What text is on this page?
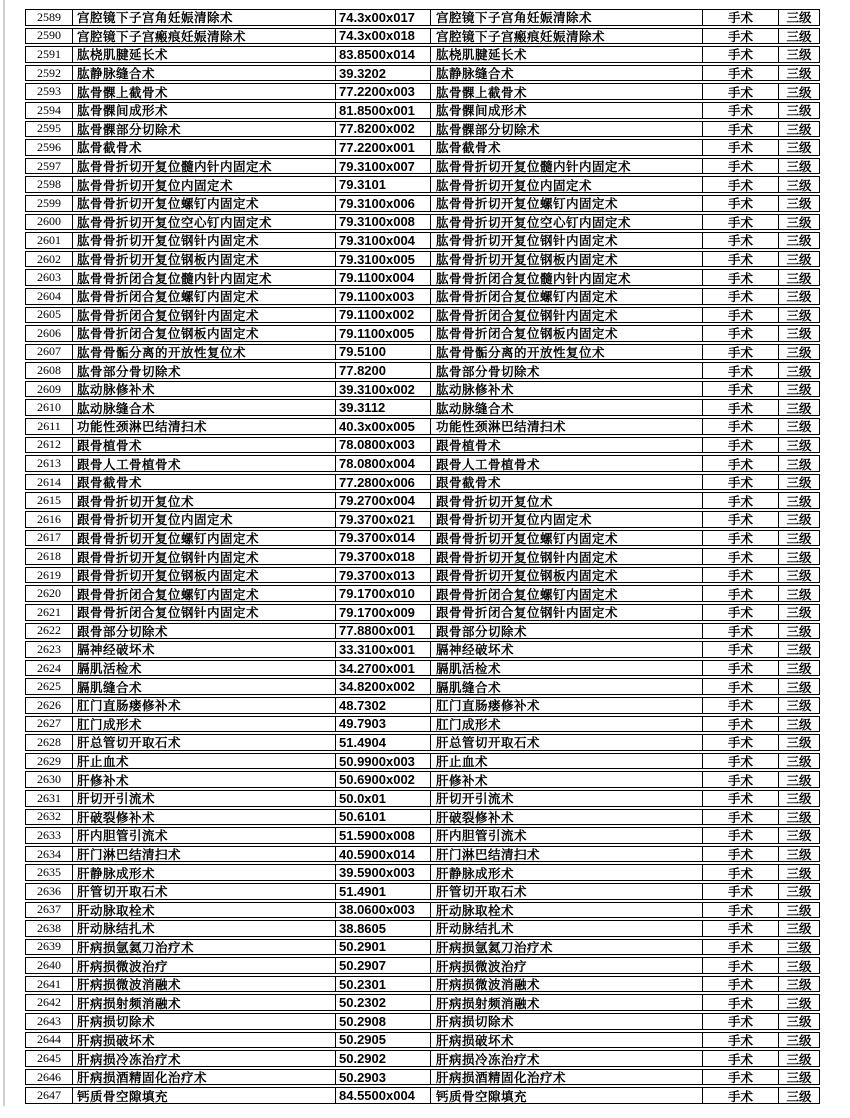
2589	宫腔镜下子宫角妊娠清除术	74.3x00x017	宫腔镜下子宫角妊娠清除术	手术	三级
2590	宫腔镜下子宫瘢痕妊娠清除术	74.3x00x018	宫腔镜下子宫瘢痕妊娠清除术	手术	三级
2591	肱桡肌腱延长术	83.8500x014	肱桡肌腱延长术	手术	三级
2592	肱静脉缝合术	39.3202	肱静脉缝合术	手术	三级
2593	肱骨髁上截骨术	77.2200x003	肱骨髁上截骨术	手术	三级
2594	肱骨髁间成形术	81.8500x001	肱骨髁间成形术	手术	三级
2595	肱骨髁部分切除术	77.8200x002	肱骨髁部分切除术	手术	三级
2596	肱骨截骨术	77.2200x001	肱骨截骨术	手术	三级
2597	肱骨骨折切开复位髓内针内固定术	79.3100x007	肱骨骨折切开复位髓内针内固定术	手术	三级
2598	肱骨骨折切开复位内固定术	79.3101	肱骨骨折切开复位内固定术	手术	三级
2599	肱骨骨折切开复位螺钉内固定术	79.3100x006	肱骨骨折切开复位螺钉内固定术	手术	三级
2600	肱骨骨折切开复位空心钉内固定术	79.3100x008	肱骨骨折切开复位空心钉内固定术	手术	三级
2601	肱骨骨折切开复位钢针内固定术	79.3100x004	肱骨骨折切开复位钢针内固定术	手术	三级
2602	肱骨骨折切开复位钢板内固定术	79.3100x005	肱骨骨折切开复位钢板内固定术	手术	三级
2603	肱骨骨折闭合复位髓内针内固定术	79.1100x004	肱骨骨折闭合复位髓内针内固定术	手术	三级
2604	肱骨骨折闭合复位螺钉内固定术	79.1100x003	肱骨骨折闭合复位螺钉内固定术	手术	三级
2605	肱骨骨折闭合复位钢针内固定术	79.1100x002	肱骨骨折闭合复位钢针内固定术	手术	三级
2606	肱骨骨折闭合复位钢板内固定术	79.1100x005	肱骨骨折闭合复位钢板内固定术	手术	三级
2607	肱骨骨骺分离的开放性复位术	79.5100	肱骨骨骺分离的开放性复位术	手术	三级
2608	肱骨部分骨切除术	77.8200	肱骨部分骨切除术	手术	三级
2609	肱动脉修补术	39.3100x002	肱动脉修补术	手术	三级
2610	肱动脉缝合术	39.3112	肱动脉缝合术	手术	三级
2611	功能性颈淋巴结清扫术	40.3x00x005	功能性颈淋巴结清扫术	手术	三级
2612	跟骨植骨术	78.0800x003	跟骨植骨术	手术	三级
2613	跟骨人工骨植骨术	78.0800x004	跟骨人工骨植骨术	手术	三级
2614	跟骨截骨术	77.2800x006	跟骨截骨术	手术	三级
2615	跟骨骨折切开复位术	79.2700x004	跟骨骨折切开复位术	手术	三级
2616	跟骨骨折切开复位内固定术	79.3700x021	跟骨骨折切开复位内固定术	手术	三级
2617	跟骨骨折切开复位螺钉内固定术	79.3700x014	跟骨骨折切开复位螺钉内固定术	手术	三级
2618	跟骨骨折切开复位钢针内固定术	79.3700x018	跟骨骨折切开复位钢针内固定术	手术	三级
2619	跟骨骨折切开复位钢板内固定术	79.3700x013	跟骨骨折切开复位钢板内固定术	手术	三级
2620	跟骨骨折闭合复位螺钉内固定术	79.1700x010	跟骨骨折闭合复位螺钉内固定术	手术	三级
2621	跟骨骨折闭合复位钢针内固定术	79.1700x009	跟骨骨折闭合复位钢针内固定术	手术	三级
2622	跟骨部分切除术	77.8800x001	跟骨部分切除术	手术	三级
2623	膈神经破坏术	33.3100x001	膈神经破坏术	手术	三级
2624	膈肌活检术	34.2700x001	膈肌活检术	手术	三级
2625	膈肌缝合术	34.8200x002	膈肌缝合术	手术	三级
2626	肛门直肠瘘修补术	48.7302	肛门直肠瘘修补术	手术	三级
2627	肛门成形术	49.7903	肛门成形术	手术	三级
2628	肝总管切开取石术	51.4904	肝总管切开取石术	手术	三级
2629	肝止血术	50.9900x003	肝止血术	手术	三级
2630	肝修补术	50.6900x002	肝修补术	手术	三级
2631	肝切开引流术	50.0x01	肝切开引流术	手术	三级
2632	肝破裂修补术	50.6101	肝破裂修补术	手术	三级
2633	肝内胆管引流术	51.5900x008	肝内胆管引流术	手术	三级
2634	肝门淋巴结清扫术	40.5900x014	肝门淋巴结清扫术	手术	三级
2635	肝静脉成形术	39.5900x003	肝静脉成形术	手术	三级
2636	肝管切开取石术	51.4901	肝管切开取石术	手术	三级
2637	肝动脉取栓术	38.0600x003	肝动脉取栓术	手术	三级
2638	肝动脉结扎术	38.8605	肝动脉结扎术	手术	三级
2639	肝病损氩氦刀治疗术	50.2901	肝病损氩氦刀治疗术	手术	三级
2640	肝病损微波治疗	50.2907	肝病损微波治疗	手术	三级
2641	肝病损微波消融术	50.2301	肝病损微波消融术	手术	三级
2642	肝病损射频消融术	50.2302	肝病损射频消融术	手术	三级
2643	肝病损切除术	50.2908	肝病损切除术	手术	三级
2644	肝病损破坏术	50.2905	肝病损破坏术	手术	三级
2645	肝病损冷冻治疗术	50.2902	肝病损冷冻治疗术	手术	三级
2646	肝病损酒精固化治疗术	50.2903	肝病损酒精固化治疗术	手术	三级
2647	钙质骨空隙填充	84.5500x004	钙质骨空隙填充	手术	三级
